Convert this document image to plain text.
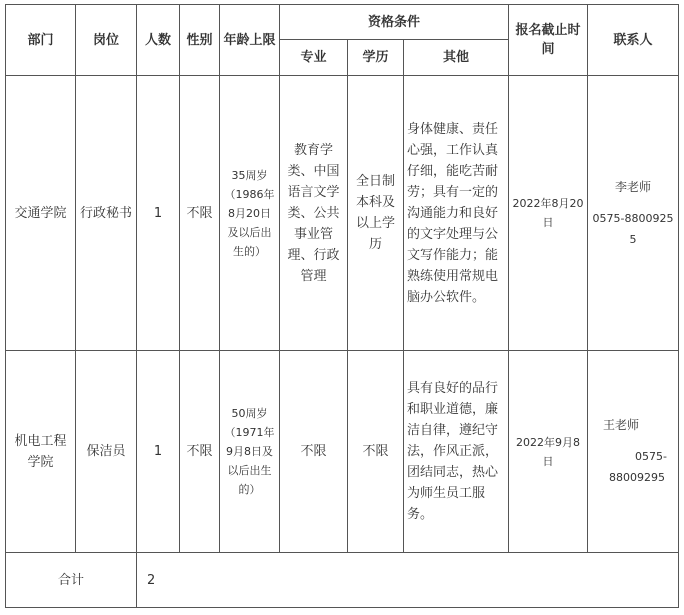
部门	岗位	人数	性别	年龄上限	资格条件			报名截止时间	联系人
					专业	学历	其他		
交通学院	行政秘书	1	不限	35周岁（1986年8月20日及以后出生的）	教育学类、中国语言文学类、公共事业管理、行政管理	全日制本科及以上学历	身体健康、责任心强，工作认真仔细，能吃苦耐劳；具有一定的沟通能力和良好的文字处理与公文写作能力；能熟练使用常规电脑办公软件。	2022年8月20日	李老师
0575-88009255

机电工程学院	保洁员	1	不限	50周岁（1971年9月8日及以后出生的）	不限	不限	具有良好的品行和职业道德，廉洁自律，遵纪守法，作风正派，团结同志，热心为师生员工服务。	2022年9月8日	王老师
0575-
88009295

合计		2							
